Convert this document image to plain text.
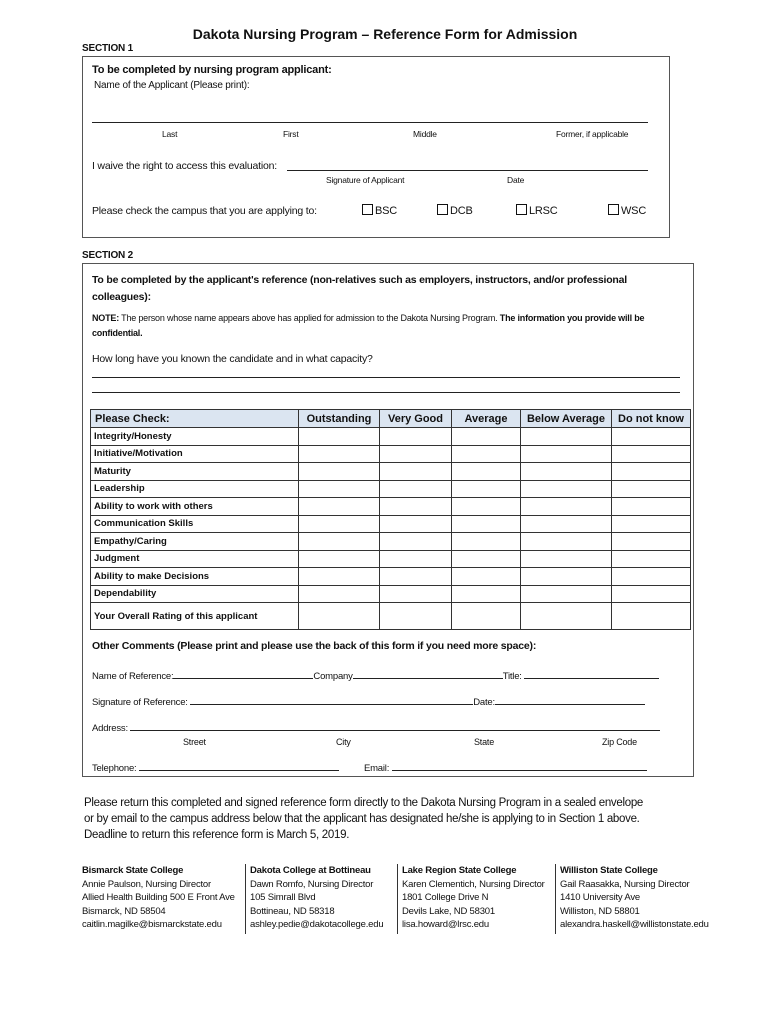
Dakota Nursing Program – Reference Form for Admission
SECTION 1
To be completed by nursing program applicant:
Name of the Applicant (Please print):
Last	First	Middle	Former, if applicable
I waive the right to access this evaluation:
Signature of Applicant	Date
Please check the campus that you are applying to:	BSC	DCB	LRSC	WSC
SECTION 2
To be completed by the applicant's reference (non-relatives such as employers, instructors, and/or professional colleagues):
NOTE: The person whose name appears above has applied for admission to the Dakota Nursing Program. The information you provide will be confidential.
How long have you known the candidate and in what capacity?
Please Check:	Outstanding	Very Good	Average	Below Average	Do not know
Integrity/Honesty					
Initiative/Motivation					
Maturity					
Leadership					
Ability to work with others					
Communication Skills					
Empathy/Caring					
Judgment					
Ability to make Decisions					
Dependability					
Your Overall Rating of this applicant					
Other Comments (Please print and please use the back of this form if you need more space):
Name of Reference:	Company	Title:
Signature of Reference:	Date:
Address:
Street	City	State	Zip Code
Telephone:	Email:
Please return this completed and signed reference form directly to the Dakota Nursing Program in a sealed envelope
or by email to the campus address below that the applicant has designated he/she is applying to in Section 1 above.
Deadline to return this reference form is March 5, 2019.
Bismarck State College
Annie Paulson, Nursing Director
Allied Health Building 500 E Front Ave
Bismarck, ND 58504
caitlin.magilke@bismarckstate.edu
Dakota College at Bottineau
Dawn Romfo, Nursing Director
105 Simrall Blvd
Bottineau, ND 58318
ashley.pedie@dakotacollege.edu
Lake Region State College
Karen Clementich, Nursing Director
1801 College Drive N
Devils Lake, ND 58301
lisa.howard@lrsc.edu
Williston State College
Gail Raasakka, Nursing Director
1410 University Ave
Williston, ND 58801
alexandra.haskell@willistonstate.edu
